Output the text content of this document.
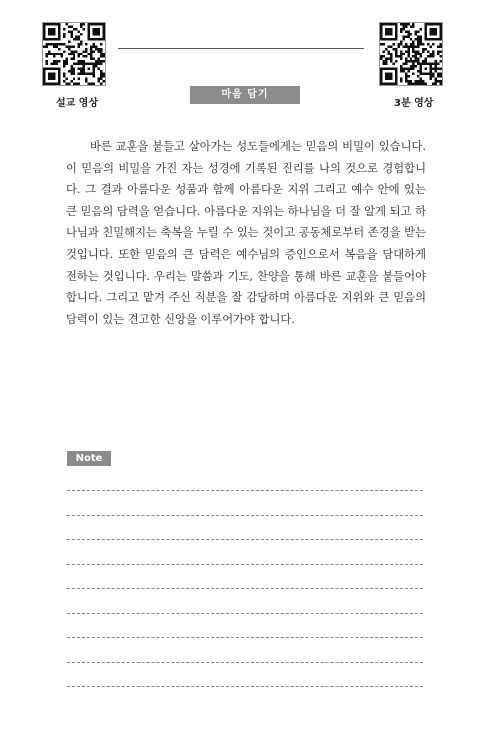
설교 영상	3분 영상
마음 담기

바른 교훈을 붙들고 살아가는 성도들에게는 믿음의 비밀이 있습니다. 이 믿음의 비밀을 가진 자는 성경에 기록된 진리를 나의 것으로 경험합니다. 그 결과 아름다운 성품과 함께 아름다운 지위 그리고 예수 안에 있는 큰 믿음의 담력을 얻습니다. 아름다운 지위는 하나님을 더 잘 알게 되고 하나님과 친밀해지는 축복을 누릴 수 있는 것이고 공동체로부터 존경을 받는 것입니다. 또한 믿음의 큰 담력은 예수님의 증인으로서 복음을 담대하게 전하는 것입니다. 우리는 말씀과 기도, 찬양을 통해 바른 교훈을 붙들어야 합니다. 그리고 맡겨 주신 직분을 잘 감당하며 아름다운 지위와 큰 믿음의 담력이 있는 견고한 신앙을 이루어가야 합니다.

Note
